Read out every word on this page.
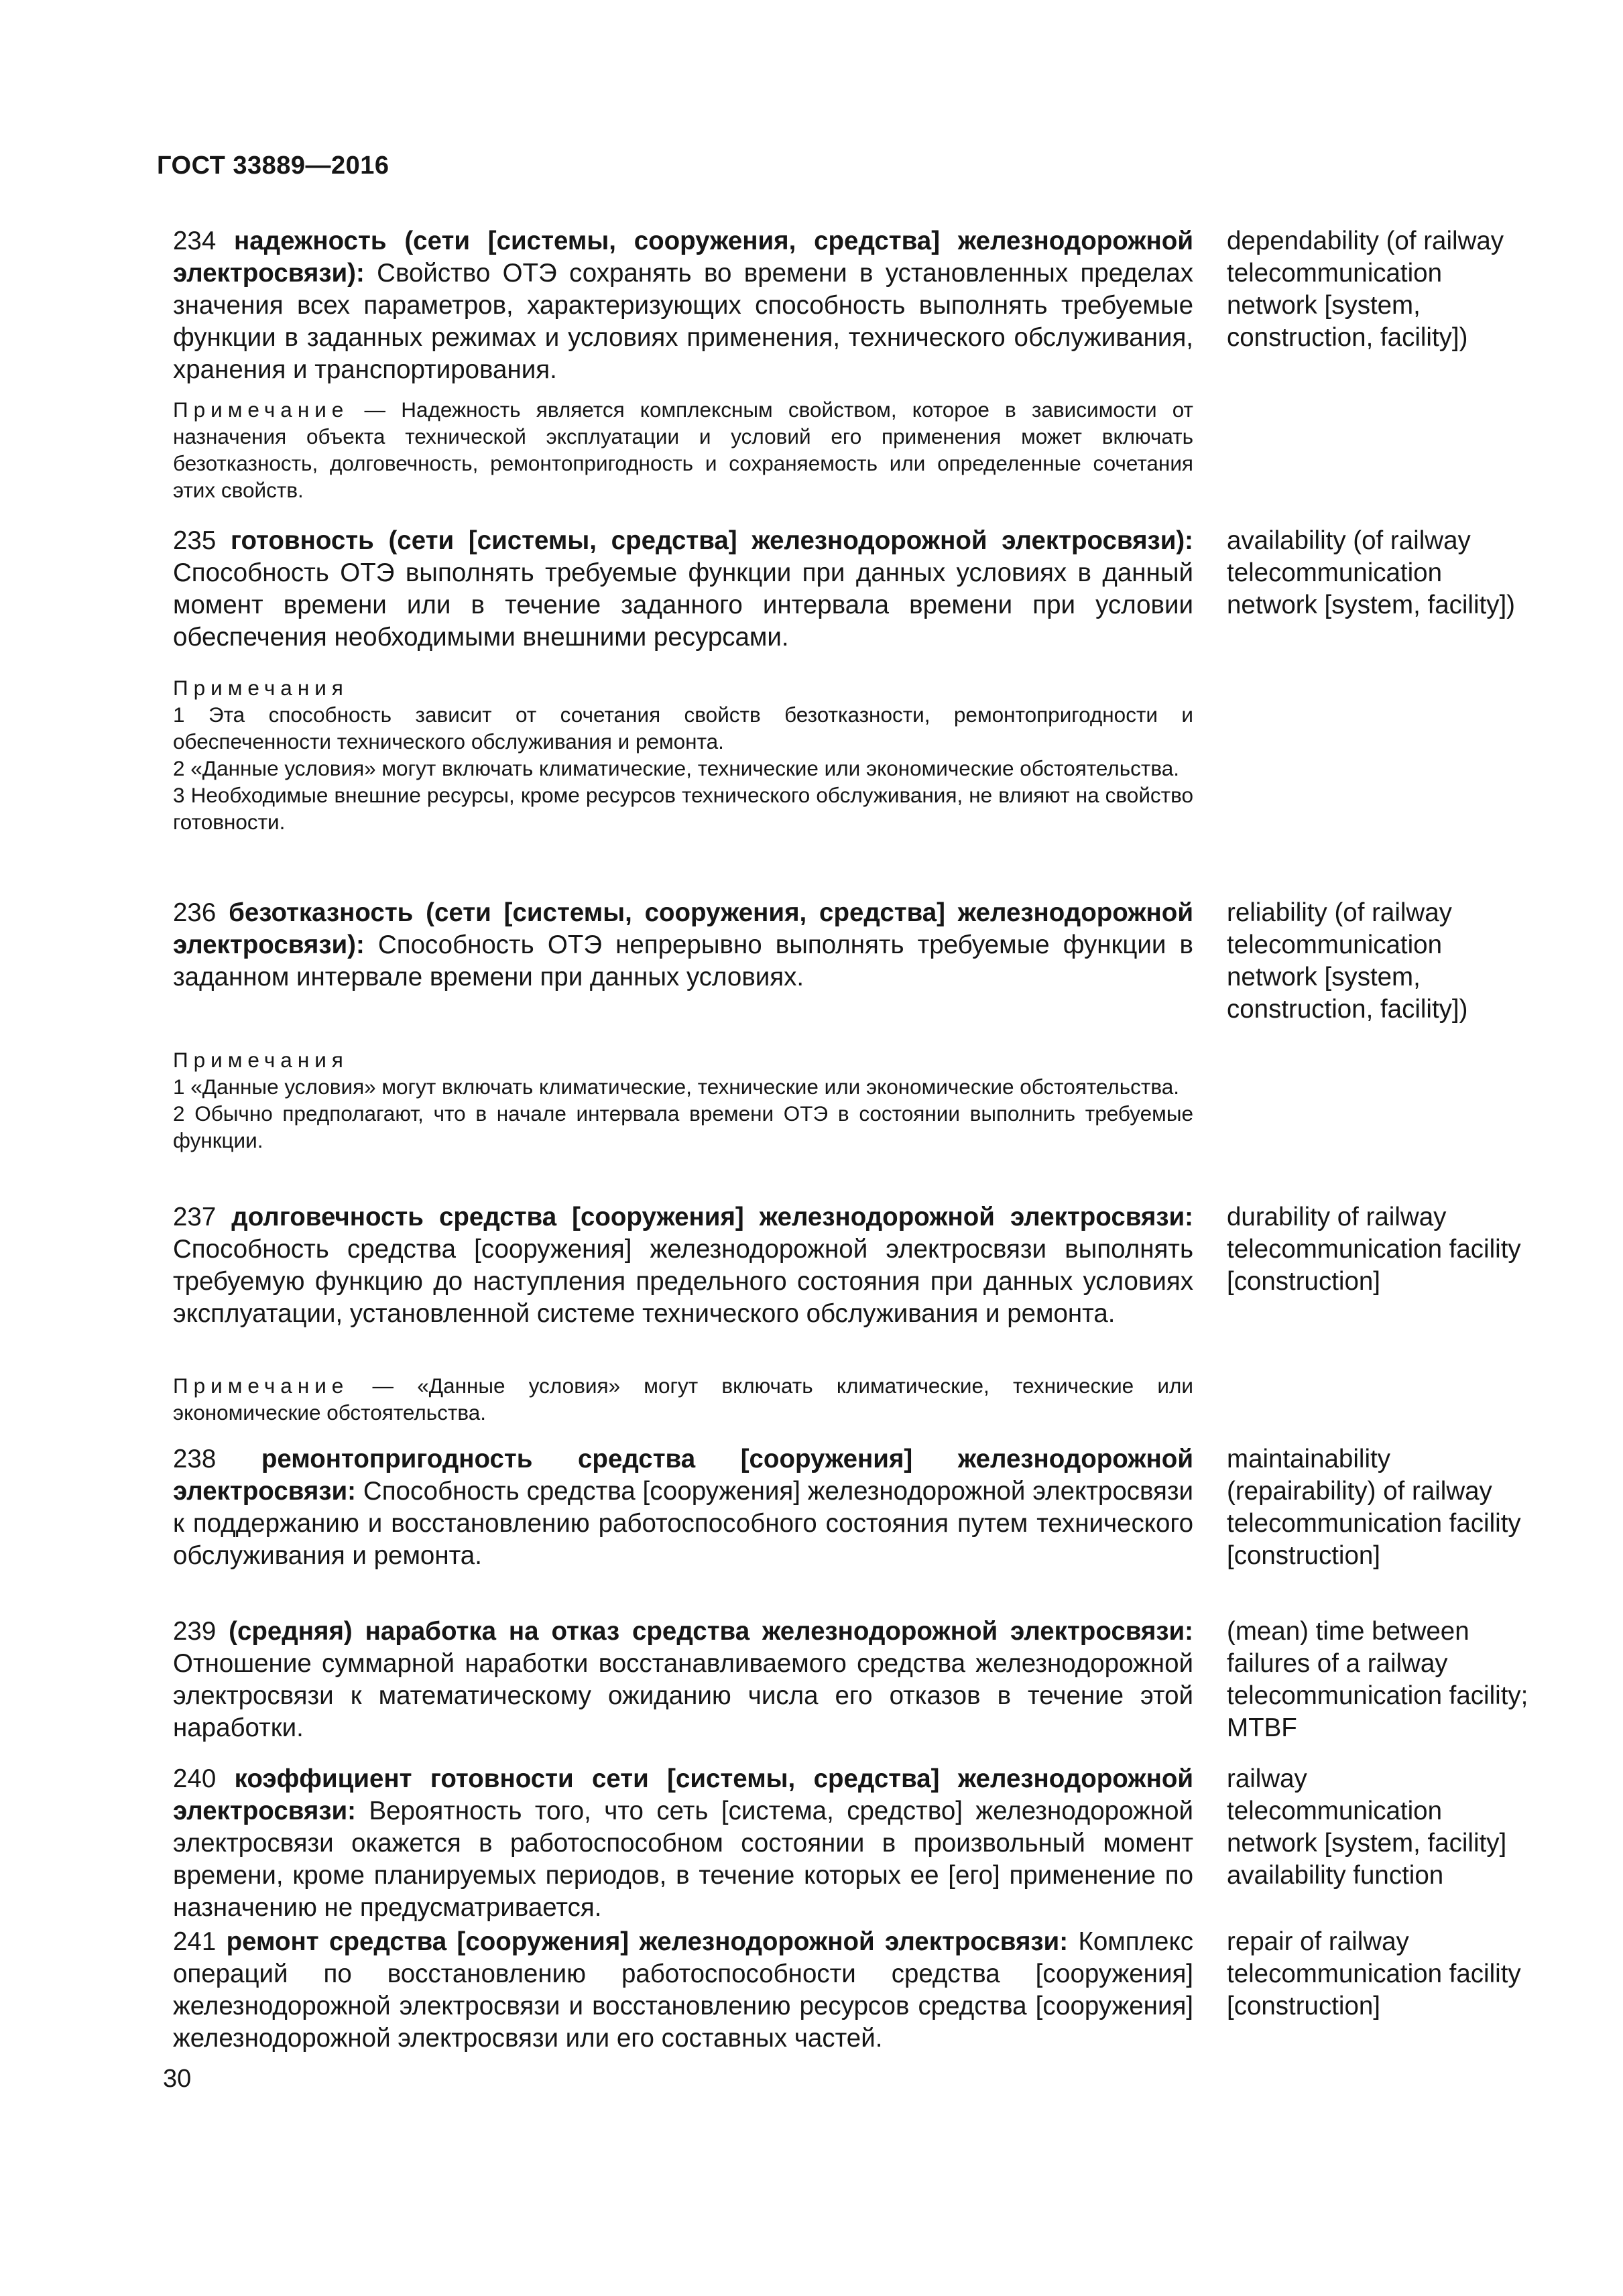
ГОСТ 33889—2016
234 надежность (сети [системы, сооружения, средства] железнодорожной электросвязи): Свойство ОТЭ сохранять во времени в установленных пределах значения всех параметров, характеризующих способность выполнять требуемые функции в заданных режимах и условиях применения, технического обслуживания, хранения и транспортирования.
dependability (of railway telecommunication network [system, construction, facility])
Примечание — Надежность является комплексным свойством, которое в зависимости от назначения объекта технической эксплуатации и условий его применения может включать безотказность, долговечность, ремонтопригодность и сохраняемость или определенные сочетания этих свойств.
235 готовность (сети [системы, средства] железнодорожной электросвязи): Способность ОТЭ выполнять требуемые функции при данных условиях в данный момент времени или в течение заданного интервала времени при условии обеспечения необходимыми внешними ресурсами.
availability (of railway telecommunication network [system, facility])
Примечания
1 Эта способность зависит от сочетания свойств безотказности, ремонтопригодности и обеспеченности технического обслуживания и ремонта.
2 «Данные условия» могут включать климатические, технические или экономические обстоятельства.
3 Необходимые внешние ресурсы, кроме ресурсов технического обслуживания, не влияют на свойство готовности.
236 безотказность (сети [системы, сооружения, средства] железнодорожной электросвязи): Способность ОТЭ непрерывно выполнять требуемые функции в заданном интервале времени при данных условиях.
reliability (of railway telecommunication network [system, construction, facility])
Примечания
1 «Данные условия» могут включать климатические, технические или экономические обстоятельства.
2 Обычно предполагают, что в начале интервала времени ОТЭ в состоянии выполнить требуемые функции.
237 долговечность средства [сооружения] железнодорожной электросвязи: Способность средства [сооружения] железнодорожной электросвязи выполнять требуемую функцию до наступления предельного состояния при данных условиях эксплуатации, установленной системе технического обслуживания и ремонта.
durability of railway telecommunication facility [construction]
Примечание — «Данные условия» могут включать климатические, технические или экономические обстоятельства.
238 ремонтопригодность средства [сооружения] железнодорожной электросвязи: Способность средства [сооружения] железнодорожной электросвязи к поддержанию и восстановлению работоспособного состояния путем технического обслуживания и ремонта.
maintainability (repairability) of railway telecommunication facility [construction]
239 (средняя) наработка на отказ средства железнодорожной электросвязи: Отношение суммарной наработки восстанавливаемого средства железнодорожной электросвязи к математическому ожиданию числа его отказов в течение этой наработки.
(mean) time between failures of a railway telecommunication facility; MTBF
240 коэффициент готовности сети [системы, средства] железнодорожной электросвязи: Вероятность того, что сеть [система, средство] железнодорожной электросвязи окажется в работоспособном состоянии в произвольный момент времени, кроме планируемых периодов, в течение которых ее [его] применение по назначению не предусматривается.
railway telecommunication network [system, facility] availability function
241 ремонт средства [сооружения] железнодорожной электросвязи: Комплекс операций по восстановлению работоспособности средства [сооружения] железнодорожной электросвязи и восстановлению ресурсов средства [сооружения] железнодорожной электросвязи или его составных частей.
repair of railway telecommunication facility [construction]
30
